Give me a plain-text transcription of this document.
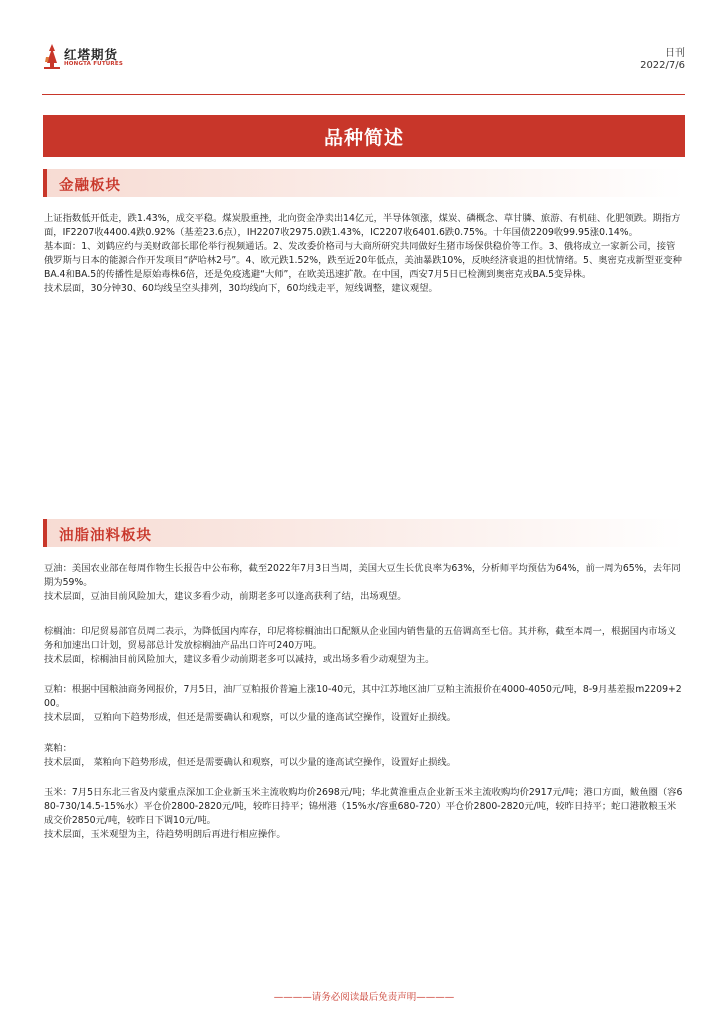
红塔期货
HONGTA FUTURES
日刊
2022/7/6
品种简述
金融板块
上证指数低开低走，跌1.43%，成交平稳。煤炭股重挫，北向资金净卖出14亿元，半导体领涨，煤炭、磷概念、草甘膦、旅游、有机硅、化肥领跌。期指方面，IF2207收4400.4跌0.92%（基差23.6点），IH2207收2975.0跌1.43%，IC2207收6401.6跌0.75%。十年国债2209收99.95涨0.14%。
基本面：1、刘鹤应约与美财政部长耶伦举行视频通话。2、发改委价格司与大商所研究共同做好生猪市场保供稳价等工作。3、俄将成立一家新公司，接管俄罗斯与日本的能源合作开发项目“萨哈林2号”。4、欧元跌1.52%，跌至近20年低点，美油暴跌10%，反映经济衰退的担忧情绪。5、奥密克戎新型亚变种BA.4和BA.5的传播性是原始毒株6倍，还是免疫逃避“大师”，在欧美迅速扩散。在中国，西安7月5日已检测到奥密克戎BA.5变异株。
技术层面，30分钟30、60均线呈空头排列，30均线向下，60均线走平，短线调整，建议观望。
油脂油料板块
豆油：美国农业部在每周作物生长报告中公布称，截至2022年7月3日当周，美国大豆生长优良率为63%，分析师平均预估为64%，前一周为65%，去年同期为59%。
技术层面，豆油目前风险加大，建议多看少动，前期老多可以逢高获利了结，出场观望。
棕榈油：印尼贸易部官员周二表示，为降低国内库存，印尼将棕榈油出口配额从企业国内销售量的五倍调高至七倍。其并称，截至本周一，根据国内市场义务和加速出口计划，贸易部总计发放棕榈油产品出口许可240万吨。
技术层面，棕榈油目前风险加大，建议多看少动前期老多可以减持，或出场多看少动观望为主。
豆粕：根据中国粮油商务网报价，7月5日，油厂豆粕报价普遍上涨10-40元，其中江苏地区油厂豆粕主流报价在4000-4050元/吨，8-9月基差报m2209+200。
技术层面， 豆粕向下趋势形成，但还是需要确认和观察，可以少量的逢高试空操作，设置好止损线。
菜粕：
技术层面， 菜粕向下趋势形成，但还是需要确认和观察，可以少量的逢高试空操作，设置好止损线。
玉米：7月5日东北三省及内蒙重点深加工企业新玉米主流收购均价2698元/吨；华北黄淮重点企业新玉米主流收购均价2917元/吨；港口方面，鲅鱼圈（容680-730/14.5-15%水）平仓价2800-2820元/吨，较昨日持平；锦州港（15%水/容重680-720）平仓价2800-2820元/吨，较昨日持平；蛇口港散粮玉米成交价2850元/吨，较昨日下调10元/吨。
技术层面，玉米观望为主，待趋势明朗后再进行相应操作。
————请务必阅读最后免责声明————
